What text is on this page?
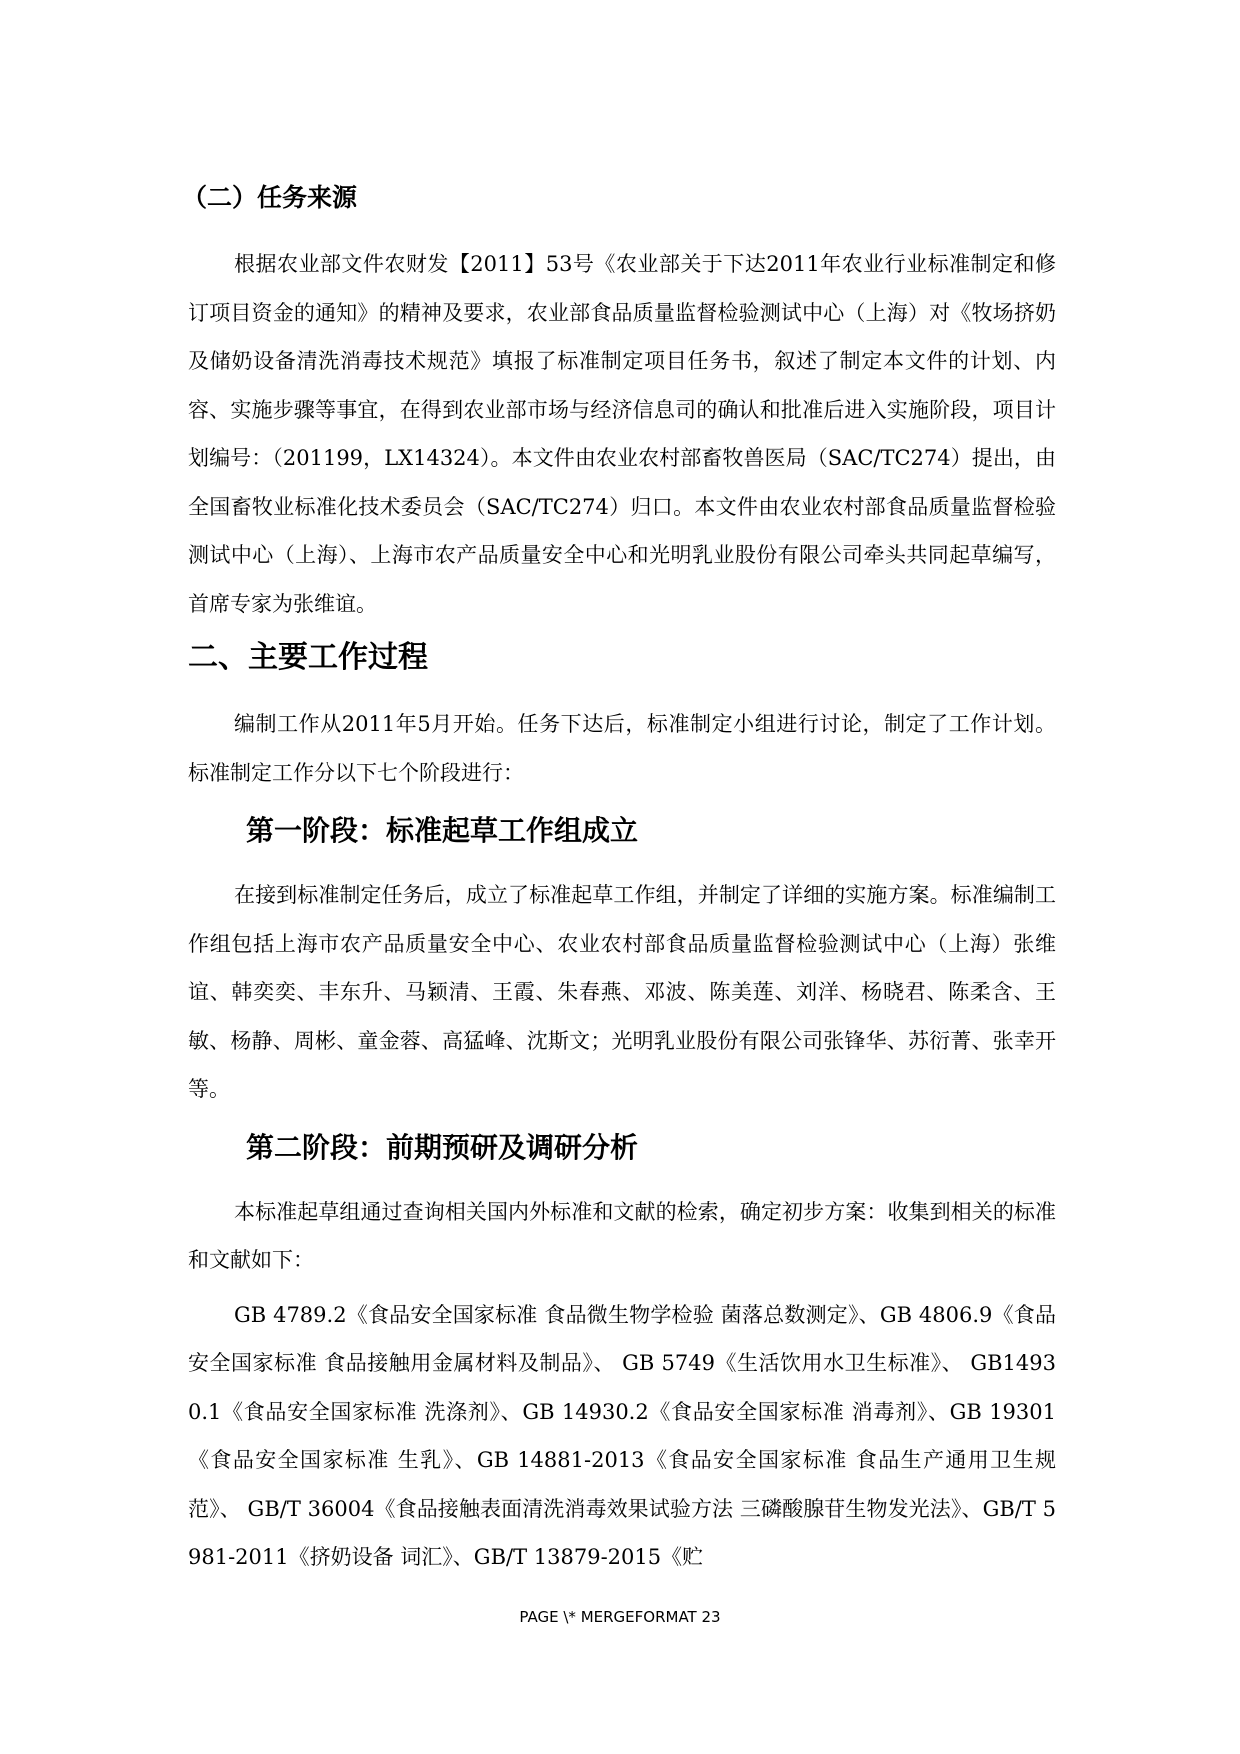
（二）任务来源

根据农业部文件农财发【2011】53号《农业部关于下达2011年农业行业标准制定和修订项目资金的通知》的精神及要求，农业部食品质量监督检验测试中心（上海）对《牧场挤奶及储奶设备清洗消毒技术规范》填报了标准制定项目任务书，叙述了制定本文件的计划、内容、实施步骤等事宜，在得到农业部市场与经济信息司的确认和批准后进入实施阶段，项目计划编号：（201199，LX14324）。本文件由农业农村部畜牧兽医局（SAC/TC274）提出，由全国畜牧业标准化技术委员会（SAC/TC274）归口。本文件由农业农村部食品质量监督检验测试中心（上海）、上海市农产品质量安全中心和光明乳业股份有限公司牵头共同起草编写，首席专家为张维谊。

二、主要工作过程

编制工作从2011年5月开始。任务下达后，标准制定小组进行讨论，制定了工作计划。标准制定工作分以下七个阶段进行：

第一阶段：标准起草工作组成立

在接到标准制定任务后，成立了标准起草工作组，并制定了详细的实施方案。标准编制工作组包括上海市农产品质量安全中心、农业农村部食品质量监督检验测试中心（上海）张维谊、韩奕奕、丰东升、马颖清、王霞、朱春燕、邓波、陈美莲、刘洋、杨晓君、陈柔含、王敏、杨静、周彬、童金蓉、高猛峰、沈斯文；光明乳业股份有限公司张锋华、苏衍菁、张幸开等。

第二阶段：前期预研及调研分析

本标准起草组通过查询相关国内外标准和文献的检索，确定初步方案：收集到相关的标准和文献如下：

GB 4789.2《食品安全国家标准 食品微生物学检验 菌落总数测定》、GB 4806.9《食品安全国家标准 食品接触用金属材料及制品》、 GB 5749《生活饮用水卫生标准》、 GB14930.1《食品安全国家标准 洗涤剂》、GB 14930.2《食品安全国家标准 消毒剂》、GB 19301《食品安全国家标准 生乳》、GB 14881-2013《食品安全国家标准 食品生产通用卫生规范》、 GB/T 36004《食品接触表面清洗消毒效果试验方法 三磷酸腺苷生物发光法》、GB/T 5981-2011《挤奶设备 词汇》、GB/T 13879-2015《贮

PAGE \* MERGEFORMAT 23
